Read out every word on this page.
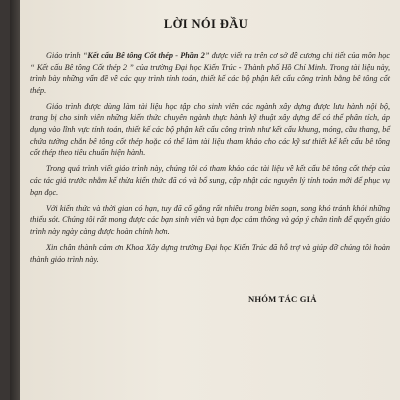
LỜI NÓI ĐẦU

Giáo trình “Kết cấu Bê tông Cốt thép - Phần 2” được viết ra trên cơ sở đề cương chi tiết của môn học “ Kết cấu Bê tông Cốt thép 2 ” của trường Đại học Kiến Trúc - Thành phố Hồ Chí Minh. Trong tài liệu này, trình bày những vấn đề về các quy trình tính toán, thiết kế các bộ phận kết cấu công trình bằng bê tông cốt thép.

Giáo trình được dùng làm tài liệu học tập cho sinh viên các ngành xây dựng được lưu hành nội bộ, trang bị cho sinh viên những kiến thức chuyên ngành thực hành kỹ thuật xây dựng để có thể phân tích, áp dụng vào lĩnh vực tính toán, thiết kế các bộ phận kết cấu công trình như kết cấu khung, móng, cầu thang, bể chứa tường chắn bê tông cốt thép hoặc có thể làm tài liệu tham khảo cho các kỹ sư thiết kế kết cấu bê tông cốt thép theo tiêu chuẩn hiện hành.

Trong quá trình viết giáo trình này, chúng tôi có tham khảo các tài liệu về kết cấu bê tông cốt thép của các tác giả trước nhằm kế thừa kiến thức đã có và bổ sung, cập nhật các nguyên lý tính toán mới để phục vụ bạn đọc.

Với kiến thức và thời gian có hạn, tuy đã cố gắng rất nhiều trong biên soạn, song khó tránh khỏi những thiếu sót. Chúng tôi rất mong được các bạn sinh viên và bạn đọc cảm thông và góp ý chân tình để quyển giáo trình này ngày càng được hoàn chỉnh hơn.

Xin chân thành cảm ơn Khoa Xây dựng trường Đại học Kiến Trúc đã hỗ trợ và giúp đỡ chúng tôi hoàn thành giáo trình này.

NHÓM TÁC GIẢ
